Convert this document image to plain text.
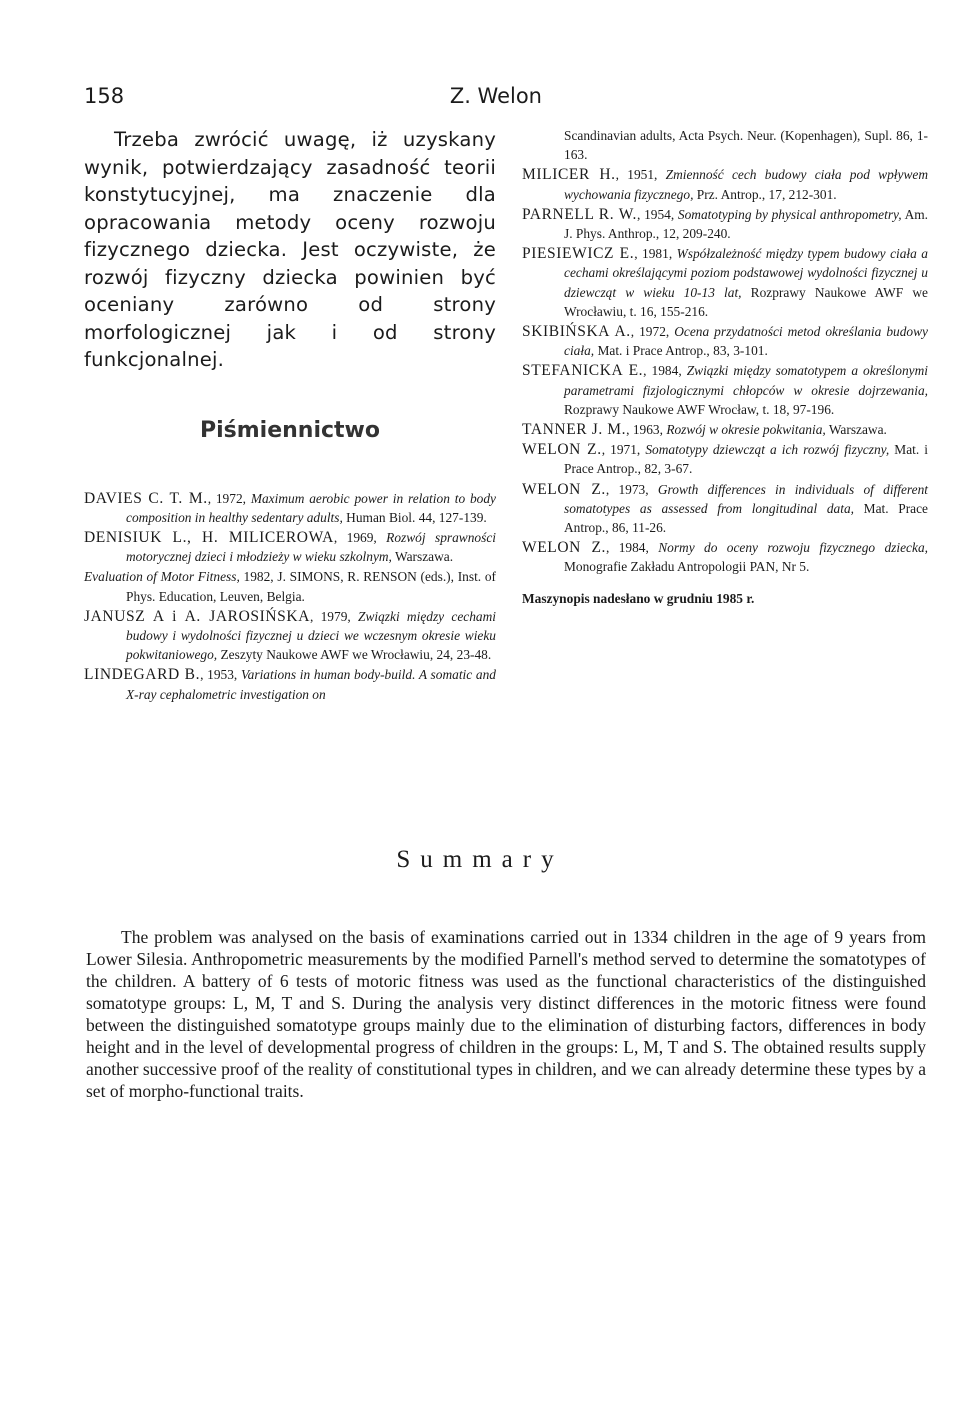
158	Z. Welon

Trzeba zwrócić uwagę, iż uzyskany wynik, potwierdzający zasadność teorii konstytucyjnej, ma znaczenie dla opracowania metody oceny rozwoju fizycznego dziecka. Jest oczywiste, że rozwój fizyczny dziecka powinien być oceniany zarówno od strony morfologicznej jak i od strony funkcjonalnej.

Piśmiennictwo

DAVIES C. T. M., 1972, Maximum aerobic power in relation to body composition in healthy sedentary adults, Human Biol. 44, 127-139.

DENISIUK L., H. MILICEROWA, 1969, Rozwój sprawności motorycznej dzieci i młodzieży w wieku szkolnym, Warszawa.

Evaluation of Motor Fitness, 1982, J. SIMONS, R. RENSON (eds.), Inst. of Phys. Education, Leuven, Belgia.

JANUSZ A i A. JAROSIŃSKA, 1979, Związki między cechami budowy i wydolności fizycznej u dzieci we wczesnym okresie wieku pokwitaniowego, Zeszyty Naukowe AWF we Wrocławiu, 24, 23-48.

LINDEGARD B., 1953, Variations in human body-build. A somatic and X-ray cephalometric investigation on

Scandinavian adults, Acta Psych. Neur. (Kopenhagen), Supl. 86, 1-163.

MILICER H., 1951, Zmienność cech budowy ciała pod wpływem wychowania fizycznego, Prz. Antrop., 17, 212-301.

PARNELL R. W., 1954, Somatotyping by physical anthropometry, Am. J. Phys. Anthrop., 12, 209-240.

PIESIEWICZ E., 1981, Współzależność między typem budowy ciała a cechami określającymi poziom podstawowej wydolności fizycznej u dziewcząt w wieku 10-13 lat, Rozprawy Naukowe AWF we Wrocławiu, t. 16, 155-216.

SKIBIŃSKA A., 1972, Ocena przydatności metod określania budowy ciała, Mat. i Prace Antrop., 83, 3-101.

STEFANICKA E., 1984, Związki między somatotypem a określonymi parametrami fizjologicznymi chłopców w okresie dojrzewania, Rozprawy Naukowe AWF Wrocław, t. 18, 97-196.

TANNER J. M., 1963, Rozwój w okresie pokwitania, Warszawa.

WELON Z., 1971, Somatotypy dziewcząt a ich rozwój fizyczny, Mat. i Prace Antrop., 82, 3-67.

WELON Z., 1973, Growth differences in individuals of different somatotypes as assessed from longitudinal data, Mat. Prace Antrop., 86, 11-26.

WELON Z., 1984, Normy do oceny rozwoju fizycznego dziecka, Monografie Zakładu Antropologii PAN, Nr 5.

Maszynopis nadesłano w grudniu 1985 r.
Summary

The problem was analysed on the basis of examinations carried out in 1334 children in the age of 9 years from Lower Silesia. Anthropometric measurements by the modified Parnell's method served to determine the somatotypes of the children. A battery of 6 tests of motoric fitness was used as the functional characteristics of the distinguished somatotype groups: L, M, T and S. During the analysis very distinct differences in the motoric fitness were found between the distinguished somatotype groups mainly due to the elimination of disturbing factors, differences in body height and in the level of developmental progress of children in the groups: L, M, T and S. The obtained results supply another successive proof of the reality of constitutional types in children, and we can already determine these types by a set of morpho-functional traits.
